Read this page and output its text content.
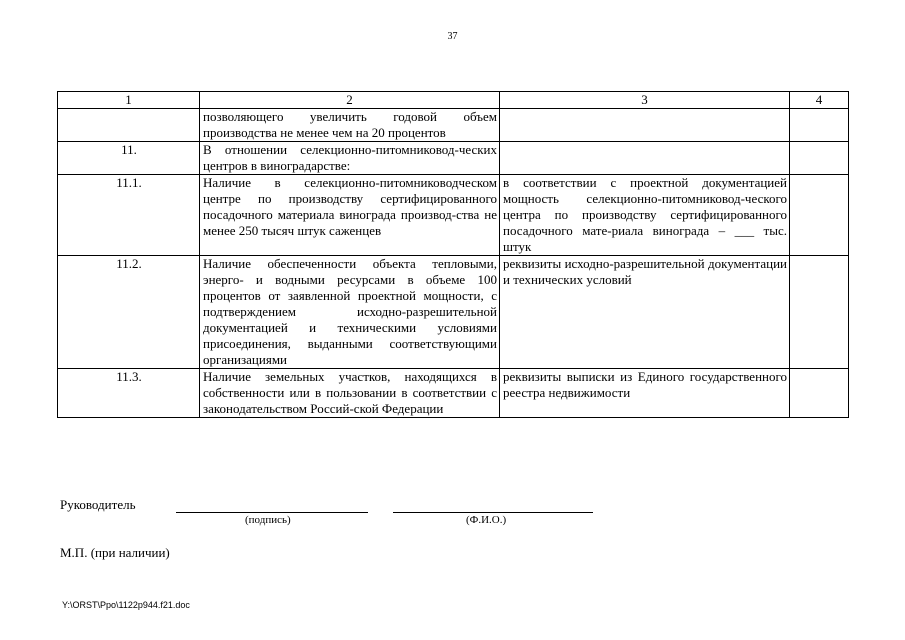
37
1	2	3	4
	позволяющего увеличить годовой объем производства не менее чем на 20 процентов		
11.	В отношении селекционно-питомниковод-ческих центров в виноградарстве:		
11.1.	Наличие в селекционно-питомниководческом центре по производству сертифицированного посадочного материала винограда производ-ства не менее 250 тысяч штук саженцев	в соответствии с проектной документацией мощность селекционно-питомниковод-ческого центра по производству сертифицированного посадочного мате-риала винограда – ___ тыс. штук	
11.2.	Наличие обеспеченности объекта тепловыми, энерго- и водными ресурсами в объеме 100 процентов от заявленной проектной мощности, с подтверждением исходно-разрешительной документацией и техническими условиями присоединения, выданными соответствующими организациями	реквизиты исходно-разрешительной документации и технических условий	
11.3.	Наличие земельных участков, находящихся в собственности или в пользовании в соответствии с законодательством Россий-ской Федерации	реквизиты выписки из Единого государственного реестра недвижимости	
Руководитель
(подпись)	(Ф.И.О.)
М.П. (при наличии)
Y:\ORST\Ppo\1122p944.f21.doc
